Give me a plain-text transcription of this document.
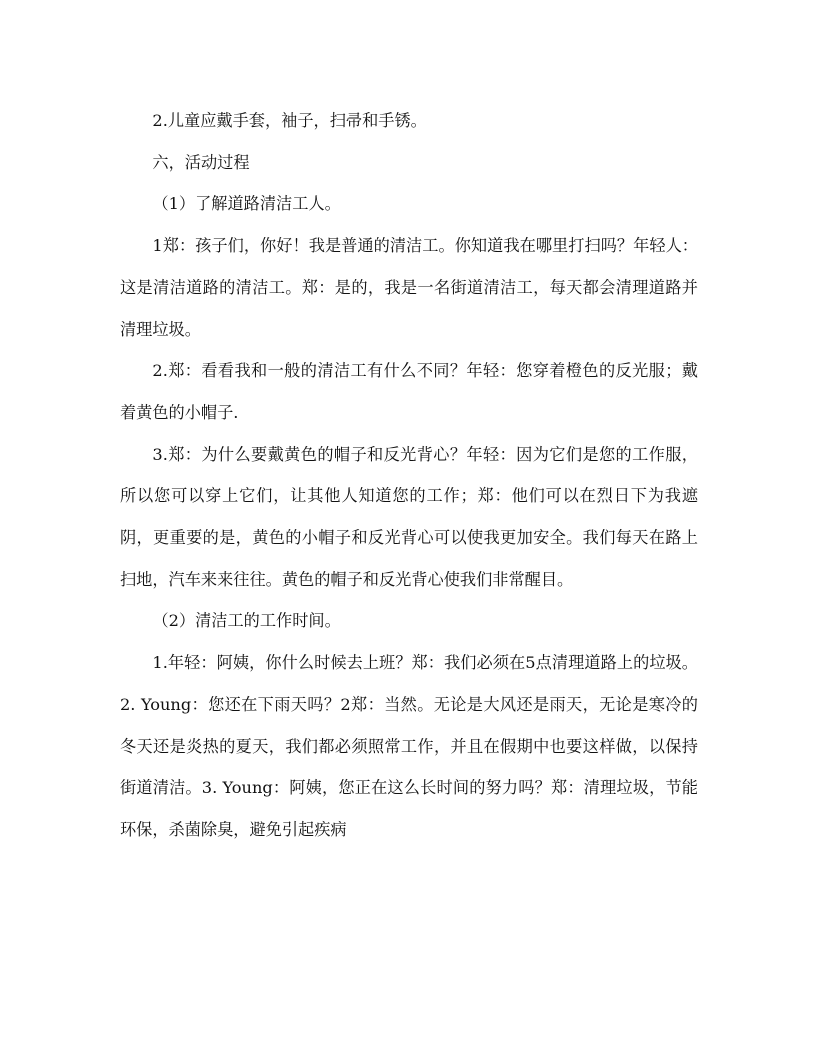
2.儿童应戴手套，袖子，扫帚和手锈。

六，活动过程

（1）了解道路清洁工人。

1郑：孩子们，你好！我是普通的清洁工。你知道我在哪里打扫吗？年轻人：这是清洁道路的清洁工。郑：是的，我是一名街道清洁工，每天都会清理道路并清理垃圾。

2.郑：看看我和一般的清洁工有什么不同？年轻：您穿着橙色的反光服；戴着黄色的小帽子.

3.郑：为什么要戴黄色的帽子和反光背心？年轻：因为它们是您的工作服，所以您可以穿上它们，让其他人知道您的工作；郑：他们可以在烈日下为我遮阴，更重要的是，黄色的小帽子和反光背心可以使我更加安全。我们每天在路上扫地，汽车来来往往。黄色的帽子和反光背心使我们非常醒目。

（2）清洁工的工作时间。

1.年轻：阿姨，你什么时候去上班？郑：我们必须在5点清理道路上的垃圾。2. Young：您还在下雨天吗？2郑：当然。无论是大风还是雨天，无论是寒冷的冬天还是炎热的夏天，我们都必须照常工作，并且在假期中也要这样做，以保持街道清洁。3. Young：阿姨，您正在这么长时间的努力吗？郑：清理垃圾，节能环保，杀菌除臭，避免引起疾病
